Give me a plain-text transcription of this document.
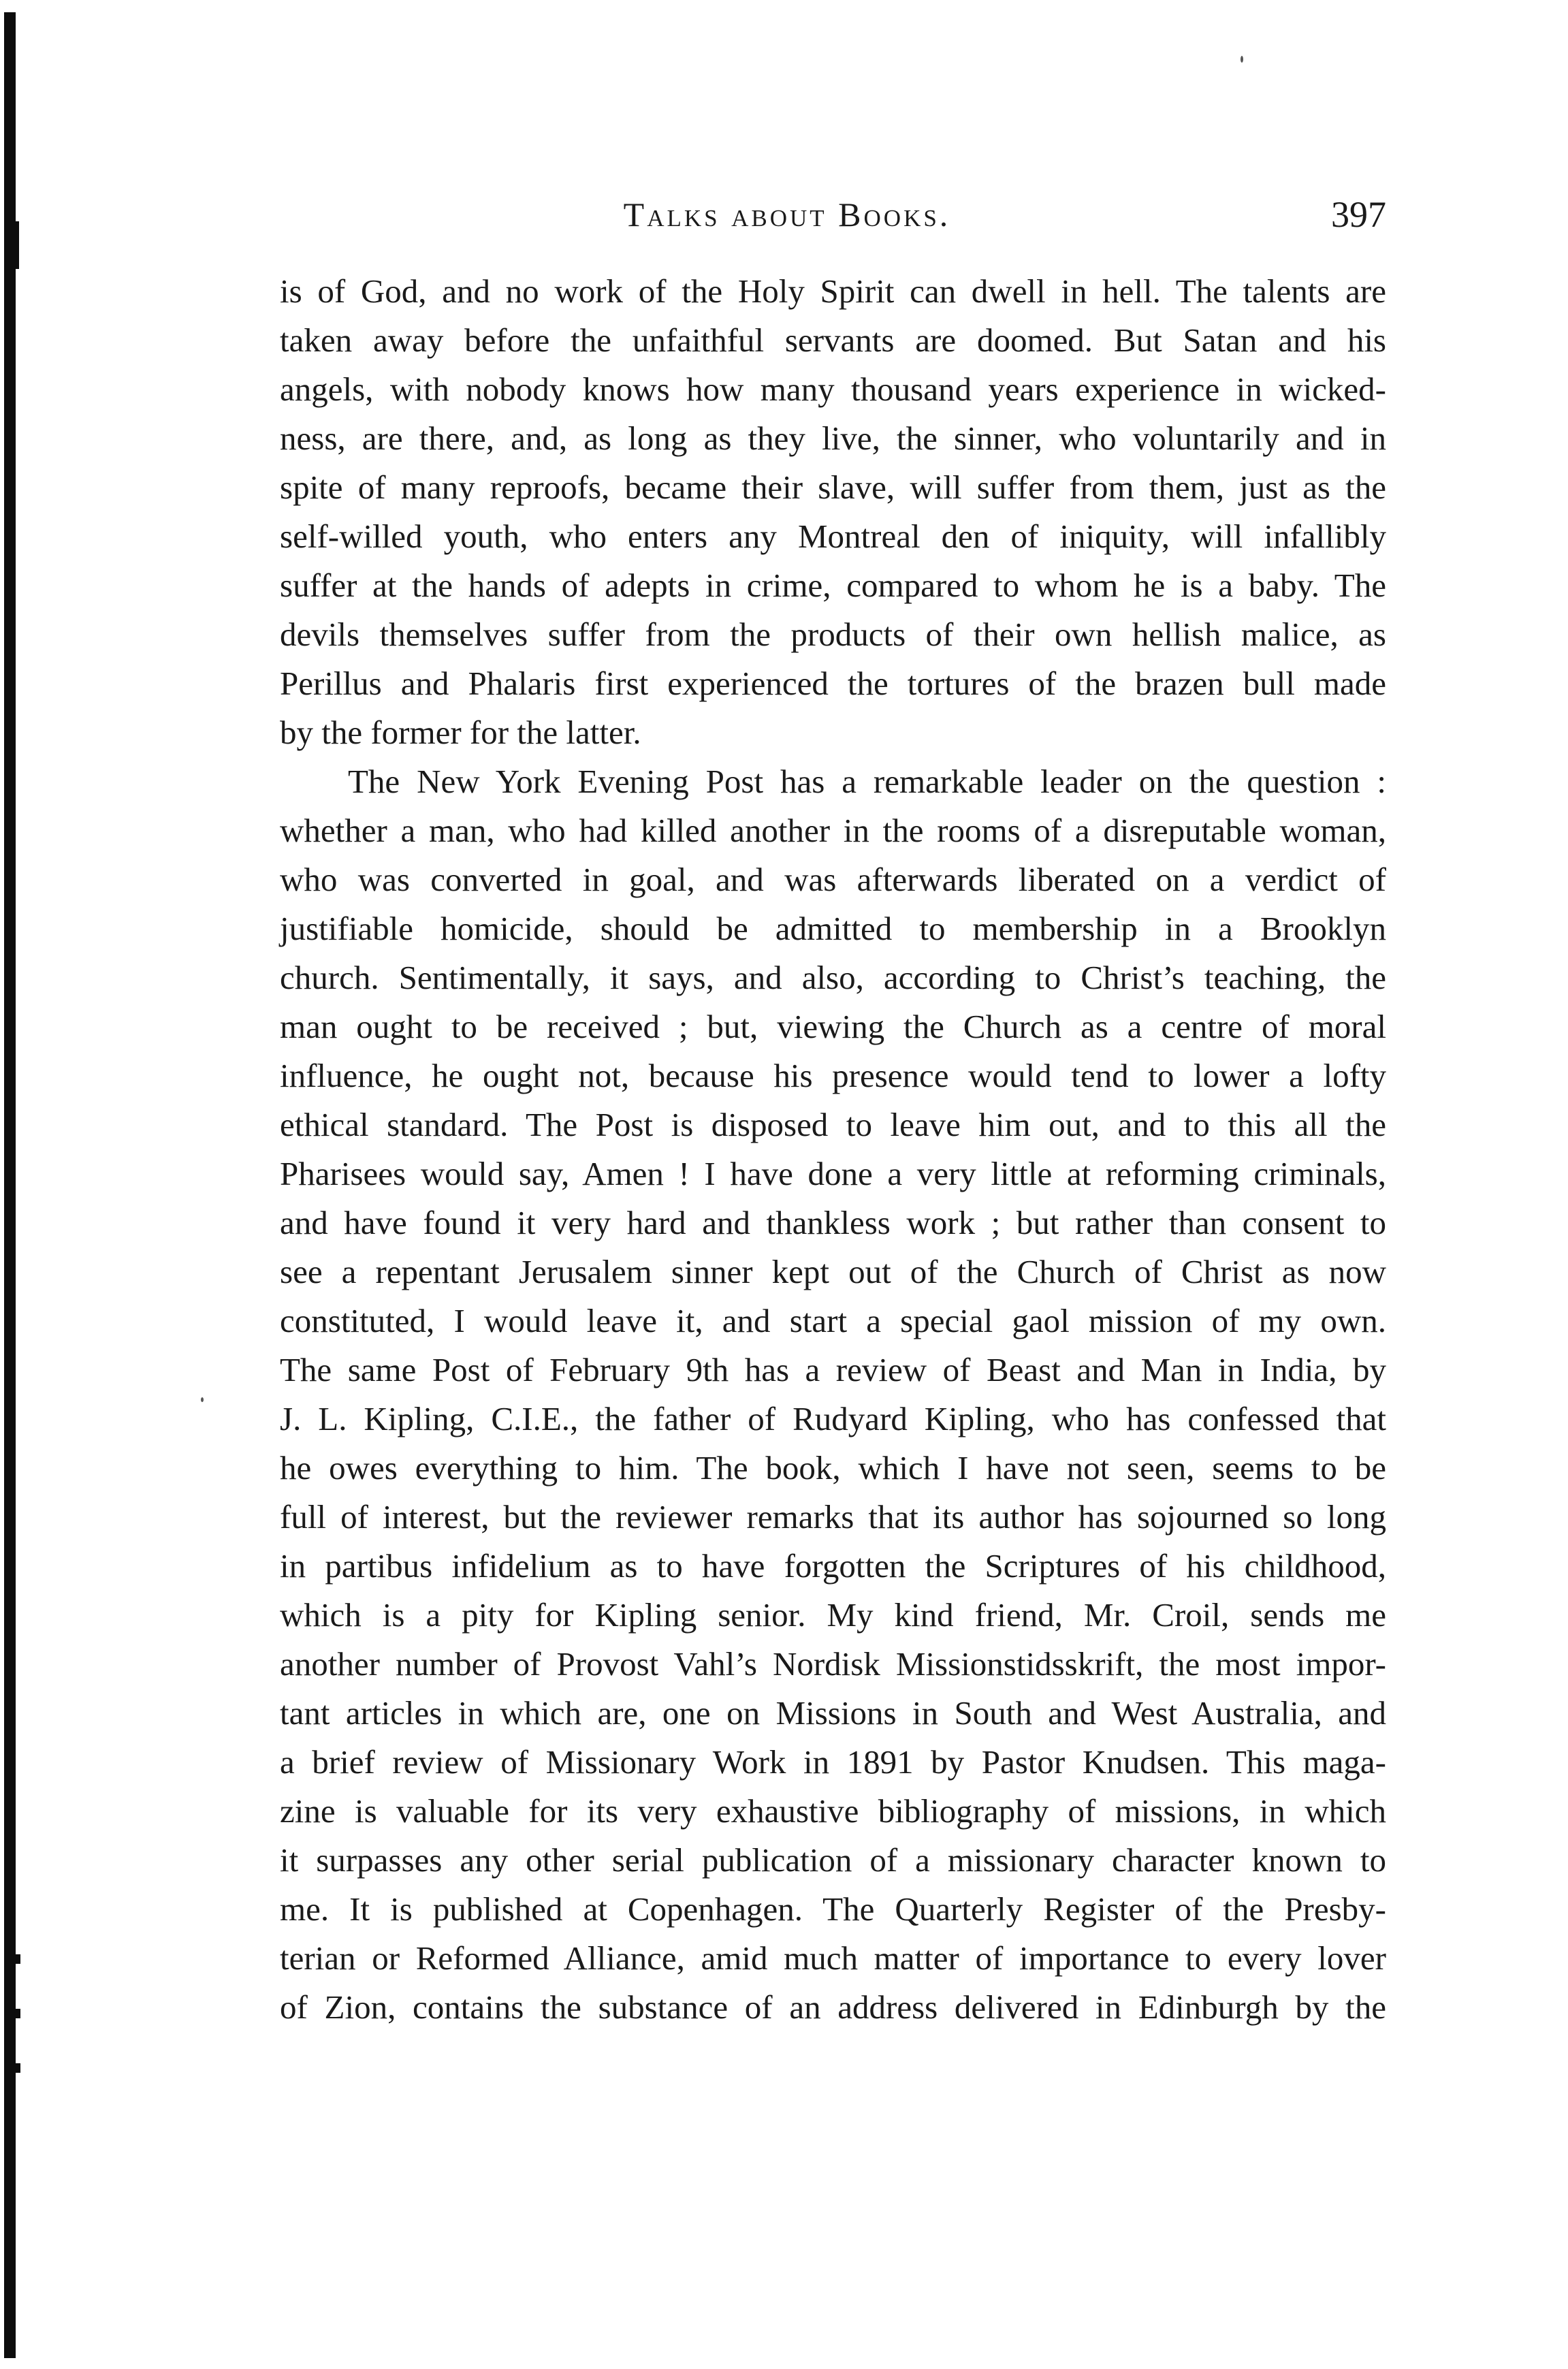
Talks about Books.	397
is of God, and no work of the Holy Spirit can dwell in hell. The talents are
taken away before the unfaithful servants are doomed. But Satan and his
angels, with nobody knows how many thousand years experience in wicked-
ness, are there, and, as long as they live, the sinner, who voluntarily and in
spite of many reproofs, became their slave, will suffer from them, just as the
self-willed youth, who enters any Montreal den of iniquity, will infallibly
suffer at the hands of adepts in crime, compared to whom he is a baby. The
devils themselves suffer from the products of their own hellish malice, as
Perillus and Phalaris first experienced the tortures of the brazen bull made
by the former for the latter.
The New York Evening Post has a remarkable leader on the question :
whether a man, who had killed another in the rooms of a disreputable woman,
who was converted in goal, and was afterwards liberated on a verdict of
justifiable homicide, should be admitted to membership in a Brooklyn
church. Sentimentally, it says, and also, according to Christ’s teaching, the
man ought to be received ; but, viewing the Church as a centre of moral
influence, he ought not, because his presence would tend to lower a lofty
ethical standard. The Post is disposed to leave him out, and to this all the
Pharisees would say, Amen ! I have done a very little at reforming criminals,
and have found it very hard and thankless work ; but rather than consent to
see a repentant Jerusalem sinner kept out of the Church of Christ as now
constituted, I would leave it, and start a special gaol mission of my own.
The same Post of February 9th has a review of Beast and Man in India, by
J. L. Kipling, C.I.E., the father of Rudyard Kipling, who has confessed that
he owes everything to him. The book, which I have not seen, seems to be
full of interest, but the reviewer remarks that its author has sojourned so long
in partibus infidelium as to have forgotten the Scriptures of his childhood,
which is a pity for Kipling senior. My kind friend, Mr. Croil, sends me
another number of Provost Vahl’s Nordisk Missionstidsskrift, the most impor-
tant articles in which are, one on Missions in South and West Australia, and
a brief review of Missionary Work in 1891 by Pastor Knudsen. This maga-
zine is valuable for its very exhaustive bibliography of missions, in which
it surpasses any other serial publication of a missionary character known to
me. It is published at Copenhagen. The Quarterly Register of the Presby-
terian or Reformed Alliance, amid much matter of importance to every lover
of Zion, contains the substance of an address delivered in Edinburgh by the
